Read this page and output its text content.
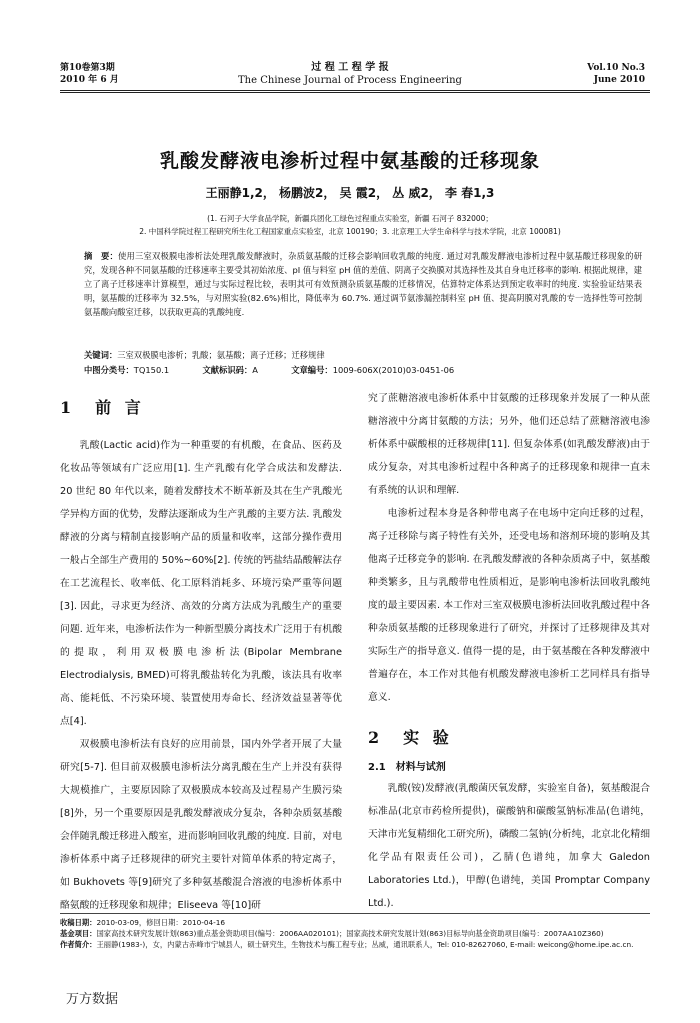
第10卷第3期
2010 年 6 月
过 程 工 程 学 报
The Chinese Journal of Process Engineering
Vol.10 No.3
June 2010
乳酸发酵液电渗析过程中氨基酸的迁移现象
王丽静1,2， 杨鹏波2， 吴 霞2， 丛 威2， 李 春1,3
(1. 石河子大学食品学院，新疆兵团化工绿色过程重点实验室，新疆 石河子 832000；
2. 中国科学院过程工程研究所生化工程国家重点实验室，北京 100190；3. 北京理工大学生命科学与技术学院，北京 100081)
摘　要：使用三室双极膜电渗析法处理乳酸发酵液时，杂质氨基酸的迁移会影响回收乳酸的纯度. 通过对乳酸发酵液电渗析过程中氨基酸迁移现象的研究，发现各种不同氨基酸的迁移速率主要受其初始浓度、pI 值与料室 pH 值的差值、阴离子交换膜对其选择性及其自身电迁移率的影响. 根据此规律，建立了离子迁移速率计算模型，通过与实际过程比较，表明其可有效预测杂质氨基酸的迁移情况，估算特定体系达到预定收率时的纯度. 实验验证结果表明，氨基酸的迁移率为 32.5%，与对照实验(82.6%)相比，降低率为 60.7%. 通过调节氨渗漏控制料室 pH 值、提高阴膜对乳酸的专一选择性等可控制氨基酸向酸室迁移，以获取更高的乳酸纯度.
关键词：三室双极膜电渗析；乳酸；氨基酸；离子迁移；迁移规律
中图分类号：TQ150.1	文献标识码：A	文章编号：1009-606X(2010)03-0451-06
1　前 言

乳酸(Lactic acid)作为一种重要的有机酸，在食品、医药及化妆品等领域有广泛应用[1]. 生产乳酸有化学合成法和发酵法. 20 世纪 80 年代以来，随着发酵技术不断革新及其在生产乳酸光学异构方面的优势，发酵法逐渐成为生产乳酸的主要方法. 乳酸发酵液的分离与精制直接影响产品的质量和收率，这部分操作费用一般占全部生产费用的 50%~60%[2]. 传统的钙盐结晶酸解法存在工艺流程长、收率低、化工原料消耗多、环境污染严重等问题[3]. 因此，寻求更为经济、高效的分离方法成为乳酸生产的重要问题. 近年来，电渗析法作为一种新型膜分离技术广泛用于有机酸的提取，利用双极膜电渗析法(Bipolar Membrane Electrodialysis, BMED)可将乳酸盐转化为乳酸，该法具有收率高、能耗低、不污染环境、装置使用寿命长、经济效益显著等优点[4].

双极膜电渗析法有良好的应用前景，国内外学者开展了大量研究[5-7]. 但目前双极膜电渗析法分离乳酸在生产上并没有获得大规模推广，主要原因除了双极膜成本较高及过程易产生膜污染[8]外，另一个重要原因是乳酸发酵液成分复杂，各种杂质氨基酸会伴随乳酸迁移进入酸室，进而影响回收乳酸的纯度. 目前，对电渗析体系中离子迁移规律的研究主要针对简单体系的特定离子，如 Bukhovets 等[9]研究了多种氨基酸混合溶液的电渗析体系中酪氨酸的迁移现象和规律；Eliseeva 等[10]研

究了蔗糖溶液电渗析体系中甘氨酸的迁移现象并发展了一种从蔗糖溶液中分离甘氨酸的方法；另外，他们还总结了蔗糖溶液电渗析体系中碳酸根的迁移规律[11]. 但复杂体系(如乳酸发酵液)由于成分复杂，对其电渗析过程中各种离子的迁移现象和规律一直未有系统的认识和理解.

电渗析过程本身是各种带电离子在电场中定向迁移的过程，离子迁移除与离子特性有关外，还受电场和溶剂环境的影响及其他离子迁移竞争的影响. 在乳酸发酵液的各种杂质离子中，氨基酸种类繁多，且与乳酸带电性质相近，是影响电渗析法回收乳酸纯度的最主要因素. 本工作对三室双极膜电渗析法回收乳酸过程中各种杂质氨基酸的迁移现象进行了研究，并探讨了迁移规律及其对实际生产的指导意义. 值得一提的是，由于氨基酸在各种发酵液中普遍存在，本工作对其他有机酸发酵液电渗析工艺同样具有指导意义.

2　实 验
2.1　材料与试剂

乳酸(铵)发酵液(乳酸菌厌氧发酵，实验室自备)，氨基酸混合标准品(北京市药检所提供)，碳酸钠和碳酸氢钠标准品(色谱纯，天津市光复精细化工研究所)，磷酸二氢钠(分析纯，北京北化精细化学品有限责任公司)，乙腈(色谱纯，加拿大 Galedon Laboratories Ltd.)，甲醇(色谱纯，美国 Promptar Company Ltd.).

收稿日期：2010-03-09，修回日期：2010-04-16
基金项目：国家高技术研究发展计划(863)重点基金资助项目(编号：2006AA020101)；国家高技术研究发展计划(863)目标导向基金资助项目(编号：2007AA10Z360)
作者简介：王丽静(1983-)，女，内蒙古赤峰市宁城县人，硕士研究生，生物技术与酶工程专业；丛威，通讯联系人，Tel: 010-82627060, E-mail: weicong@home.ipe.ac.cn.
万方数据
